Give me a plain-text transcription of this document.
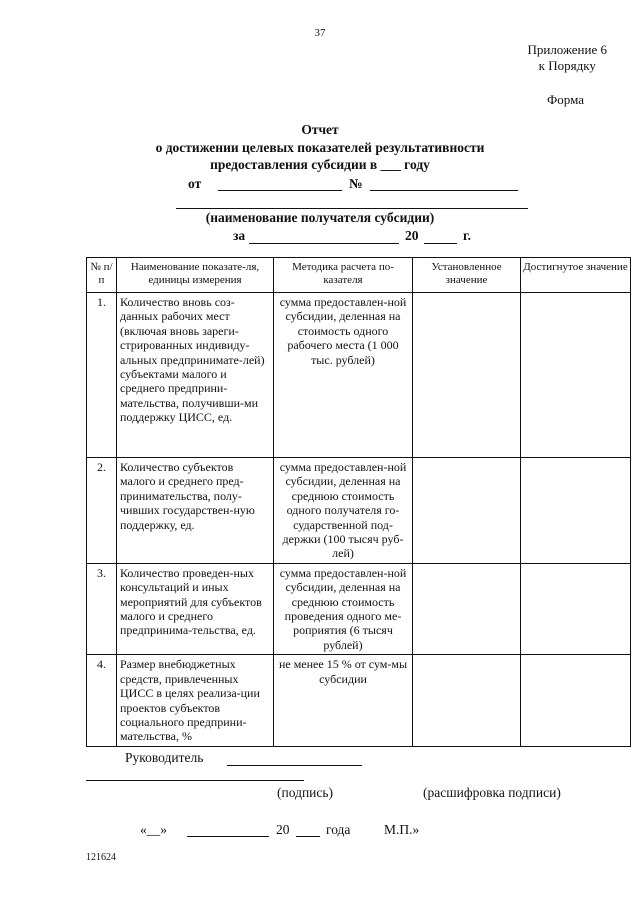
37
Приложение 6
к Порядку
Форма
Отчет
о достижении целевых показателей результативности
предоставления субсидии в ___ году
от	№
(наименование получателя субсидии)
за	20	г.
№ п/п	Наименование показате-ля, единицы измерения	Методика расчета по-казателя	Установленное значение	Достигнутое значение
1.	Количество вновь соз-данных рабочих мест (включая вновь зареги-стрированных индивиду-альных предпринимате-лей) субъектами малого и среднего предприни-мательства, получивши-ми поддержку ЦИСС, ед.	сумма предоставлен-ной субсидии, деленная на стоимость одного рабочего места (1 000 тыс. рублей)		
2.	Количество субъектов малого и среднего пред-принимательства, полу-чивших государствен-ную поддержку, ед.	сумма предоставлен-ной субсидии, деленная на среднюю стоимость одного получателя го-сударственной под-держки (100 тысяч руб-лей)		
3.	Количество проведен-ных консультаций и иных мероприятий для субъектов малого и среднего предпринима-тельства, ед.	сумма предоставлен-ной субсидии, деленная на среднюю стоимость проведения одного ме-роприятия (6 тысяч рублей)		
4.	Размер внебюджетных средств, привлеченных ЦИСС в целях реализа-ции проектов субъектов социального предприни-мательства, %	не менее 15 % от сум-мы субсидии		
Руководитель
(подпись)	(расшифровка подписи)
«__»	20	года М.П.»
121624
